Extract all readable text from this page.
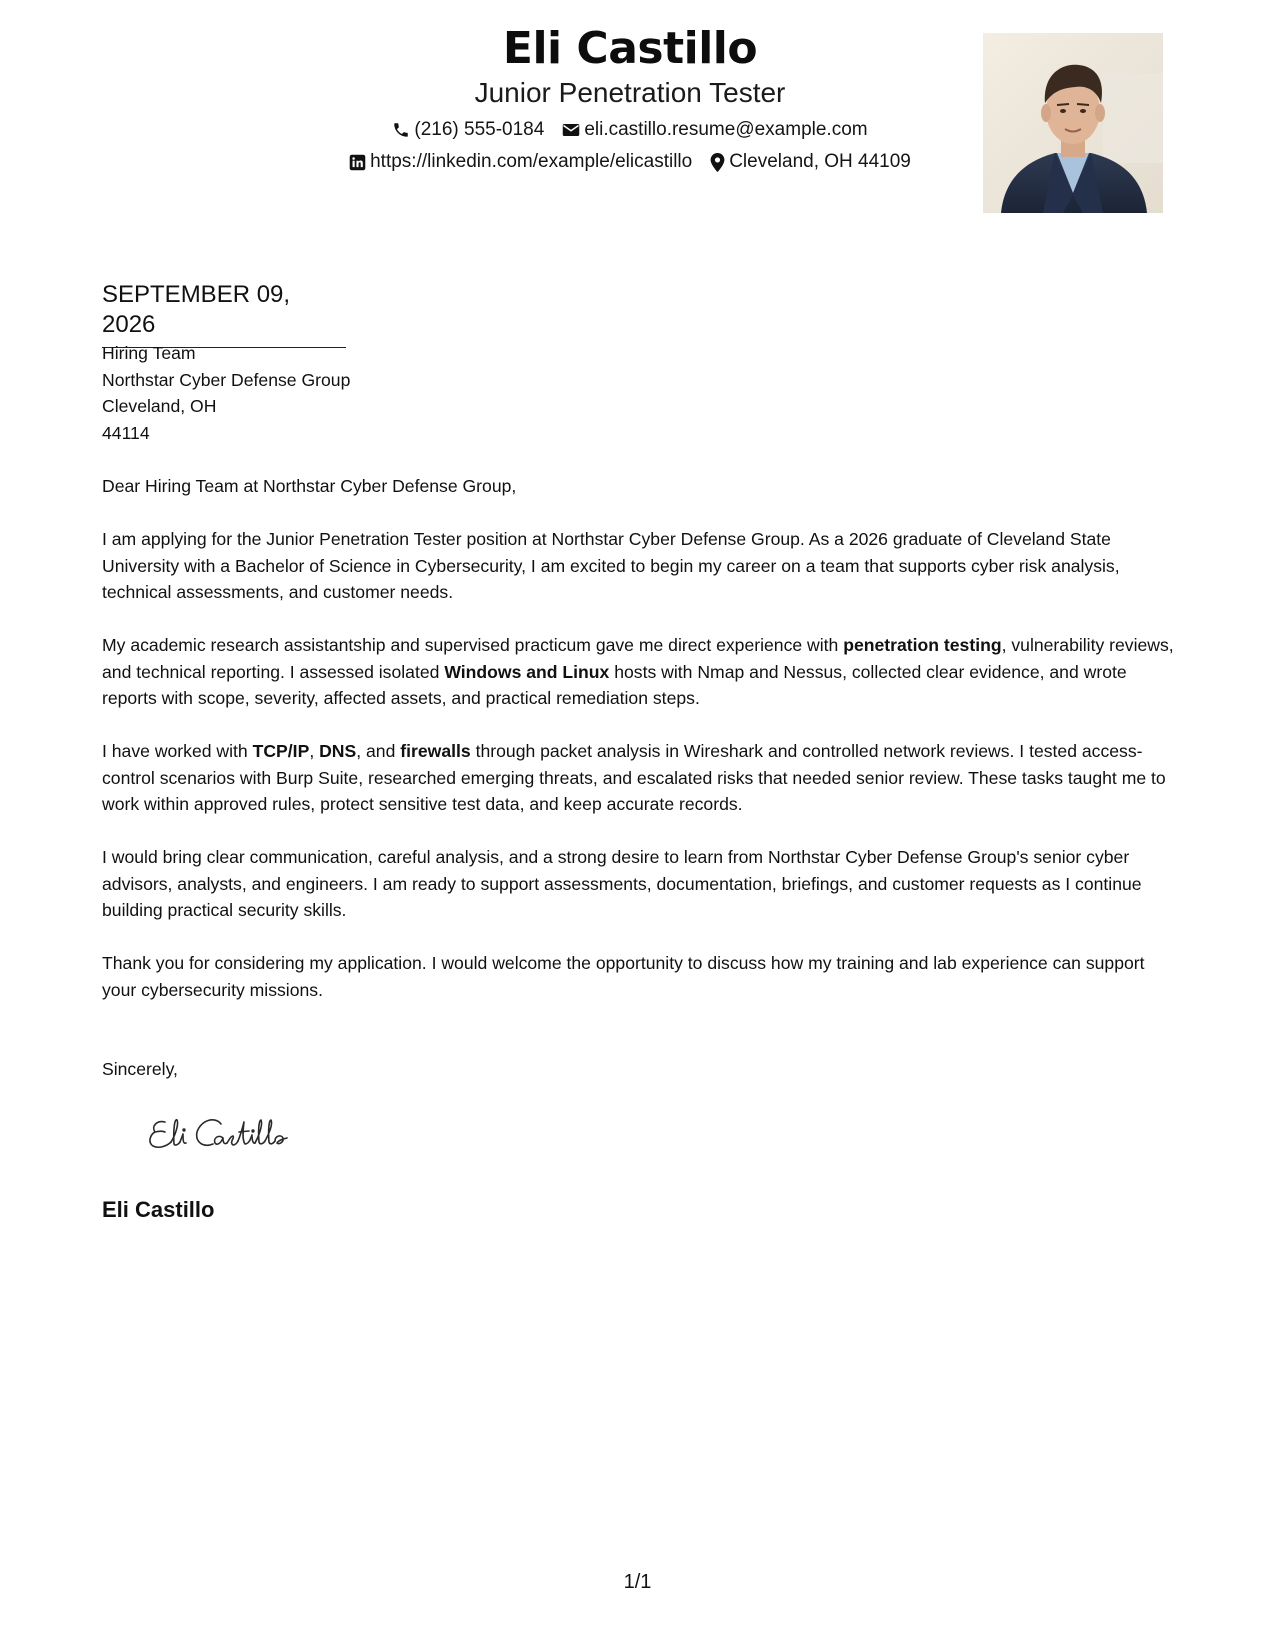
Eli Castillo
Junior Penetration Tester
(216) 555-0184 eli.castillo.resume@example.com
https://linkedin.com/example/elicastillo Cleveland, OH 44109
SEPTEMBER 09, 2026
Hiring Team
Northstar Cyber Defense Group
Cleveland, OH
44114

Dear Hiring Team at Northstar Cyber Defense Group,

I am applying for the Junior Penetration Tester position at Northstar Cyber Defense Group. As a 2026 graduate of Cleveland State University with a Bachelor of Science in Cybersecurity, I am excited to begin my career on a team that supports cyber risk analysis, technical assessments, and customer needs.

My academic research assistantship and supervised practicum gave me direct experience with penetration testing, vulnerability reviews, and technical reporting. I assessed isolated Windows and Linux hosts with Nmap and Nessus, collected clear evidence, and wrote reports with scope, severity, affected assets, and practical remediation steps.

I have worked with TCP/IP, DNS, and firewalls through packet analysis in Wireshark and controlled network reviews. I tested access-control scenarios with Burp Suite, researched emerging threats, and escalated risks that needed senior review. These tasks taught me to work within approved rules, protect sensitive test data, and keep accurate records.

I would bring clear communication, careful analysis, and a strong desire to learn from Northstar Cyber Defense Group's senior cyber advisors, analysts, and engineers. I am ready to support assessments, documentation, briefings, and customer requests as I continue building practical security skills.

Thank you for considering my application. I would welcome the opportunity to discuss how my training and lab experience can support your cybersecurity missions.

Sincerely,

Eli Castillo
1/1
